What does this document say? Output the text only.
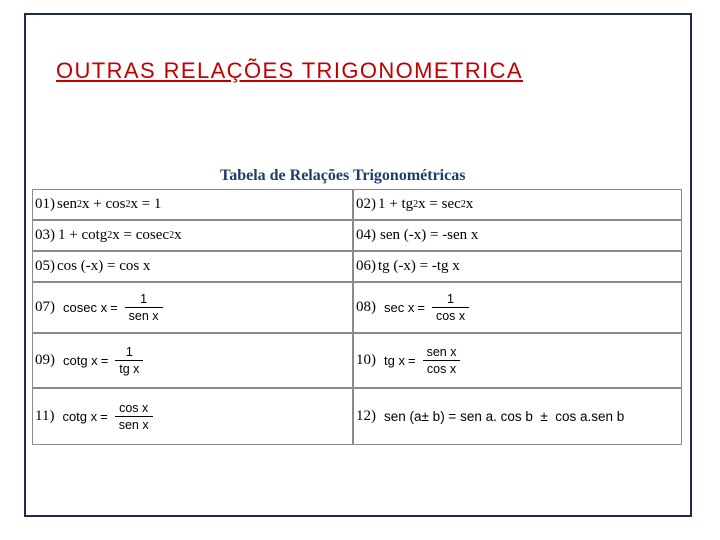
OUTRAS RELAÇÕES TRIGONOMETRICA
Tabela de Relações Trigonométricas
01) sen 2 x + cos 2 x = 1	02) 1 + tg 2 x = sec 2 x
03) 1 + cotg 2 x = cosec 2 x	04) sen (-x) = -sen x
05) cos (-x) = cos x	06) tg (-x) = -tg x
07) cosec $x = \frac{1}{\text{sen x}}$	08) $\sec x = \frac{1}{\text{cos x}}$
09) cotg $x = \frac{1}{\text{tg x}}$	10) tg $x = \frac{\text{sen x}}{\text{cos x}}$
11) cotg $x = \frac{\text{cos x}}{\text{sen x}}$	12) sen (a± b) = sen a. cos b  ±  cos a.sen b
